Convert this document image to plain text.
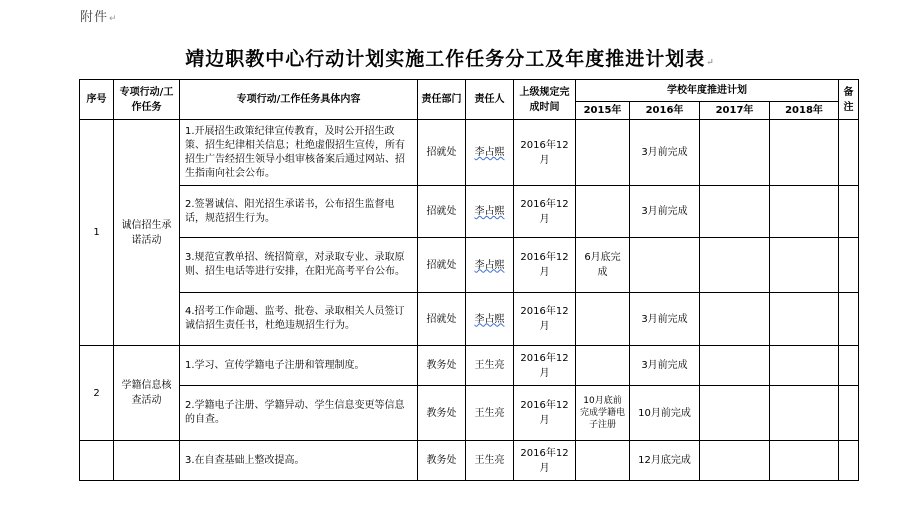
附件↵
靖边职教中心行动计划实施工作任务分工及年度推进计划表↵
序号	专项行动/工作任务	专项行动/工作任务具体内容	责任部门	责任人	上级规定完成时间	学校年度推进计划				备注
						2015年	2016年	2017年	2018年	
1	诚信招生承诺活动	1.开展招生政策纪律宣传教育，及时公开招生政策、招生纪律相关信息；杜绝虚假招生宣传，所有招生广告经招生领导小组审核备案后通过网站、招生指南向社会公布。	招就处	李占熙	2016年12月		3月前完成			
		2.签署诚信、阳光招生承诺书，公布招生监督电话，规范招生行为。	招就处	李占熙	2016年12月		3月前完成			
		3.规范宣教单招、统招简章，对录取专业、录取原则、招生电话等进行安排，在阳光高考平台公布。	招就处	李占熙	2016年12月	6月底完成				
		4.招考工作命题、监考、批卷、录取相关人员签订诚信招生责任书，杜绝违规招生行为。	招就处	李占熙	2016年12月		3月前完成			
2	学籍信息核查活动	1.学习、宣传学籍电子注册和管理制度。	教务处	王生亮	2016年12月		3月前完成			
		2.学籍电子注册、学籍异动、学生信息变更等信息的自查。	教务处	王生亮	2016年12月	10月底前完成学籍电子注册	10月前完成			
		3.在自查基础上整改提高。	教务处	王生亮	2016年12月		12月底完成			
